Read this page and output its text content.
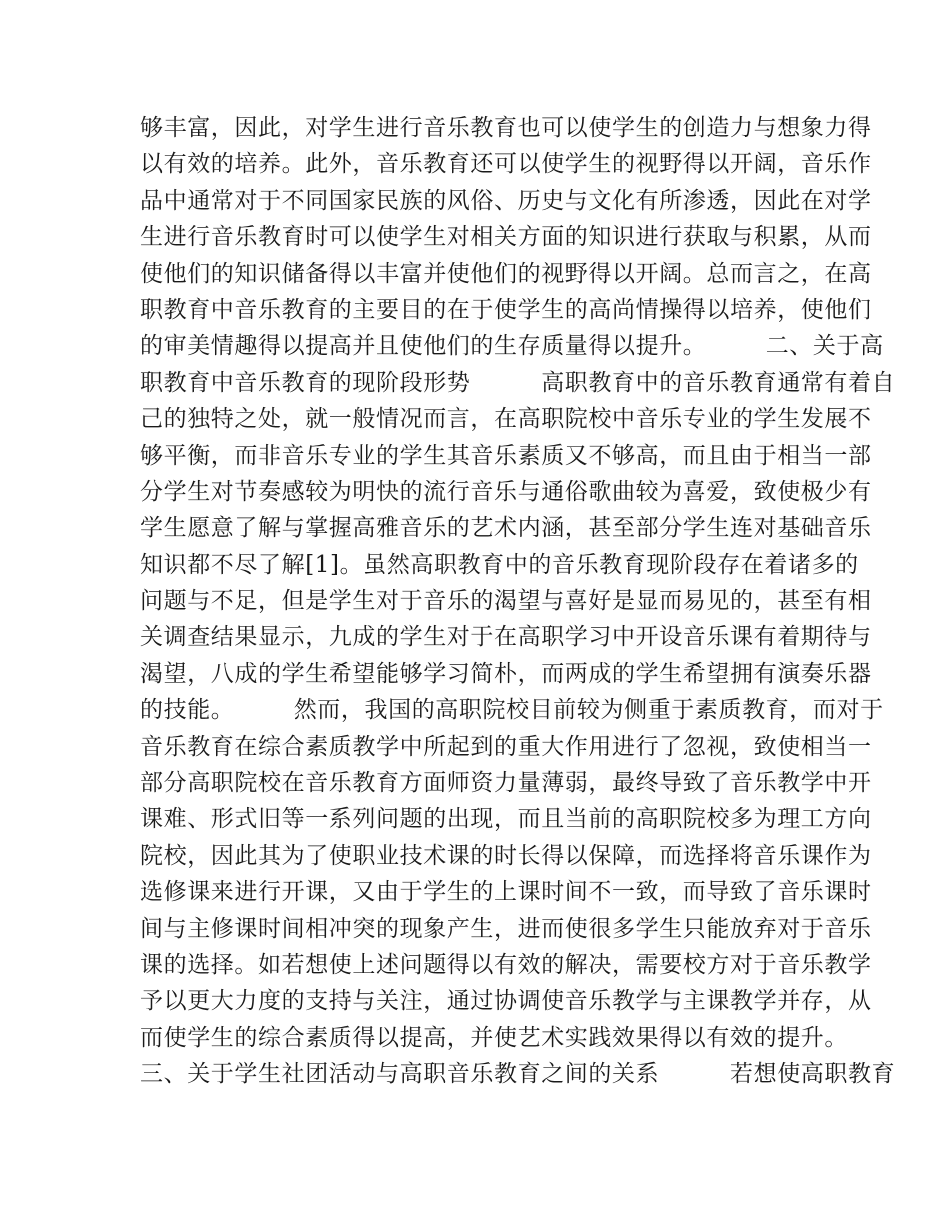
够丰富，因此，对学生进行音乐教育也可以使学生的创造力与想象力得
以有效的培养。此外，音乐教育还可以使学生的视野得以开阔，音乐作
品中通常对于不同国家民族的风俗、历史与文化有所渗透，因此在对学
生进行音乐教育时可以使学生对相关方面的知识进行获取与积累，从而
使他们的知识储备得以丰富并使他们的视野得以开阔。总而言之，在高
职教育中音乐教育的主要目的在于使学生的高尚情操得以培养，使他们
的审美情趣得以提高并且使他们的生存质量得以提升。　　　二、关于高
职教育中音乐教育的现阶段形势　　　高职教育中的音乐教育通常有着自
己的独特之处，就一般情况而言，在高职院校中音乐专业的学生发展不
够平衡，而非音乐专业的学生其音乐素质又不够高，而且由于相当一部
分学生对节奏感较为明快的流行音乐与通俗歌曲较为喜爱，致使极少有
学生愿意了解与掌握高雅音乐的艺术内涵，甚至部分学生连对基础音乐
知识都不尽了解[1]。虽然高职教育中的音乐教育现阶段存在着诸多的
问题与不足，但是学生对于音乐的渴望与喜好是显而易见的，甚至有相
关调查结果显示，九成的学生对于在高职学习中开设音乐课有着期待与
渴望，八成的学生希望能够学习简朴，而两成的学生希望拥有演奏乐器
的技能。　　　然而，我国的高职院校目前较为侧重于素质教育，而对于
音乐教育在综合素质教学中所起到的重大作用进行了忽视，致使相当一
部分高职院校在音乐教育方面师资力量薄弱，最终导致了音乐教学中开
课难、形式旧等一系列问题的出现，而且当前的高职院校多为理工方向
院校，因此其为了使职业技术课的时长得以保障，而选择将音乐课作为
选修课来进行开课，又由于学生的上课时间不一致，而导致了音乐课时
间与主修课时间相冲突的现象产生，进而使很多学生只能放弃对于音乐
课的选择。如若想使上述问题得以有效的解决，需要校方对于音乐教学
予以更大力度的支持与关注，通过协调使音乐教学与主课教学并存，从
而使学生的综合素质得以提高，并使艺术实践效果得以有效的提升。
三、关于学生社团活动与高职音乐教育之间的关系　　　若想使高职教育
